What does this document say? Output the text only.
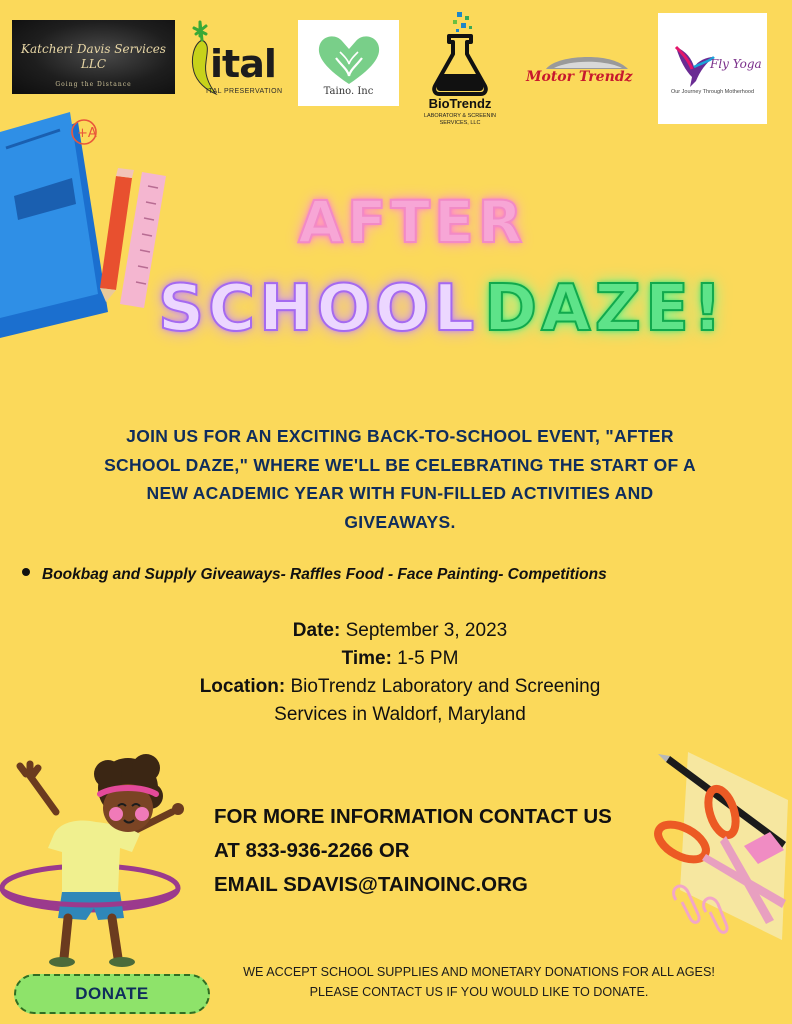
Katcheri Davis Services
LLC
Going the Distance	ital
ITAL PRESERVATION	Taino. Inc
BioTrendz
LABORATORY & SCREENIN SERVICES, LLC
Motor Trendz
Fly Yoga
Our Journey Through Motherhood
+A
AFTER
SCHOOL DAZE!
JOIN US FOR AN EXCITING BACK-TO-SCHOOL EVENT, "AFTER SCHOOL DAZE," WHERE WE'LL BE CELEBRATING THE START OF A NEW ACADEMIC YEAR WITH FUN-FILLED ACTIVITIES AND GIVEAWAYS.
Bookbag and Supply Giveaways- Raffles Food - Face Painting- Competitions
Date: September 3, 2023
Time: 1-5 PM
Location: BioTrendz Laboratory and Screening
Services in Waldorf, Maryland
FOR MORE INFORMATION CONTACT US
AT 833-936-2266 OR
EMAIL SDAVIS@TAINOINC.ORG
WE ACCEPT SCHOOL SUPPLIES AND MONETARY DONATIONS FOR ALL AGES!
PLEASE CONTACT US IF YOU WOULD LIKE TO DONATE.
DONATE
